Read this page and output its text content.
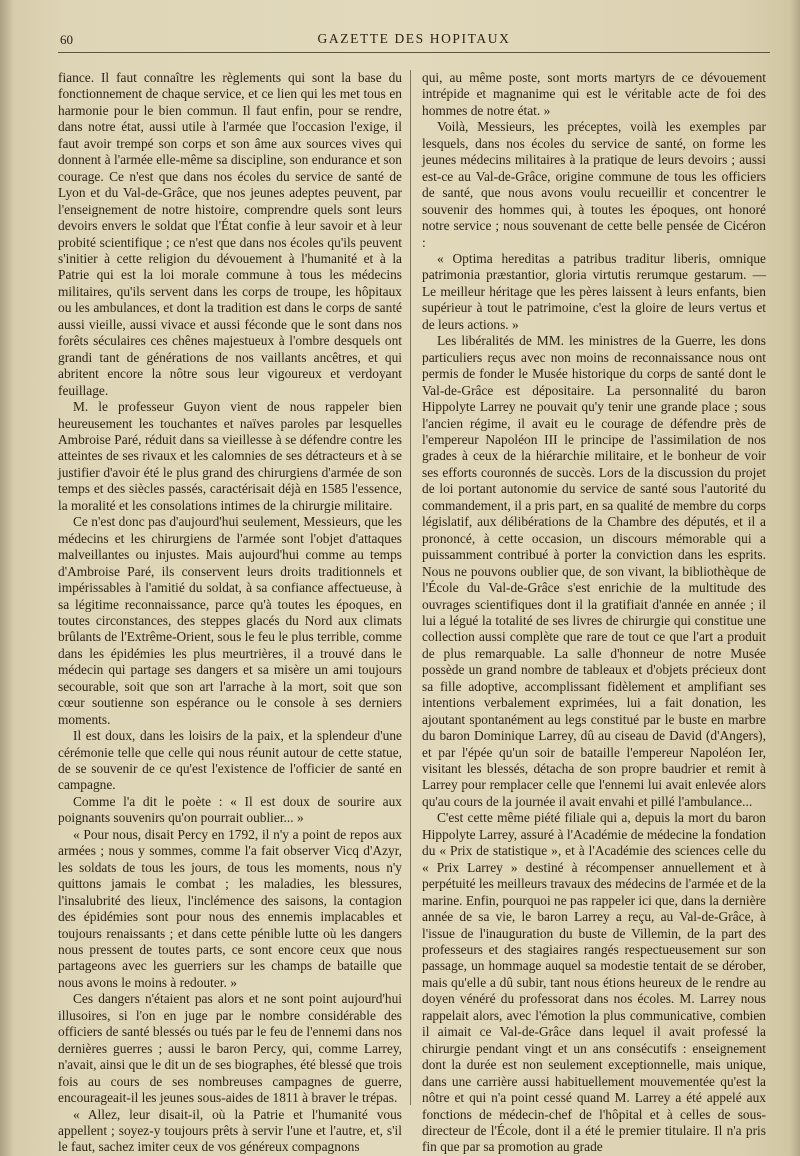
60	GAZETTE DES HOPITAUX

fiance. Il faut connaître les règlements qui sont la base du fonctionnement de chaque service, et ce lien qui les met tous en harmonie pour le bien commun. Il faut enfin, pour se rendre, dans notre état, aussi utile à l'armée que l'occasion l'exige, il faut avoir trempé son corps et son âme aux sources vives qui donnent à l'armée elle-même sa discipline, son endurance et son courage. Ce n'est que dans nos écoles du service de santé de Lyon et du Val-de-Grâce, que nos jeunes adeptes peuvent, par l'enseignement de notre histoire, comprendre quels sont leurs devoirs envers le soldat que l'État confie à leur savoir et à leur probité scientifique ; ce n'est que dans nos écoles qu'ils peuvent s'initier à cette religion du dévouement à l'humanité et à la Patrie qui est la loi morale commune à tous les médecins militaires, qu'ils servent dans les corps de troupe, les hôpitaux ou les ambulances, et dont la tradition est dans le corps de santé aussi vieille, aussi vivace et aussi féconde que le sont dans nos forêts séculaires ces chênes majestueux à l'ombre desquels ont grandi tant de générations de nos vaillants ancêtres, et qui abritent encore la nôtre sous leur vigoureux et verdoyant feuillage.

M. le professeur Guyon vient de nous rappeler bien heureusement les touchantes et naïves paroles par lesquelles Ambroise Paré, réduit dans sa vieillesse à se défendre contre les atteintes de ses rivaux et les calomnies de ses détracteurs et à se justifier d'avoir été le plus grand des chirurgiens d'armée de son temps et des siècles passés, caractérisait déjà en 1585 l'essence, la moralité et les consolations intimes de la chirurgie militaire.

Ce n'est donc pas d'aujourd'hui seulement, Messieurs, que les médecins et les chirurgiens de l'armée sont l'objet d'attaques malveillantes ou injustes. Mais aujourd'hui comme au temps d'Ambroise Paré, ils conservent leurs droits traditionnels et impérissables à l'amitié du soldat, à sa confiance affectueuse, à sa légitime reconnaissance, parce qu'à toutes les époques, en toutes circonstances, des steppes glacés du Nord aux climats brûlants de l'Extrême-Orient, sous le feu le plus terrible, comme dans les épidémies les plus meurtrières, il a trouvé dans le médecin qui partage ses dangers et sa misère un ami toujours secourable, soit que son art l'arrache à la mort, soit que son cœur soutienne son espérance ou le console à ses derniers moments.

Il est doux, dans les loisirs de la paix, et la splendeur d'une cérémonie telle que celle qui nous réunit autour de cette statue, de se souvenir de ce qu'est l'existence de l'officier de santé en campagne.

Comme l'a dit le poète : « Il est doux de sourire aux poignants souvenirs qu'on pourrait oublier... »

« Pour nous, disait Percy en 1792, il n'y a point de repos aux armées ; nous y sommes, comme l'a fait observer Vicq d'Azyr, les soldats de tous les jours, de tous les moments, nous n'y quittons jamais le combat ; les maladies, les blessures, l'insalubrité des lieux, l'inclémence des saisons, la contagion des épidémies sont pour nous des ennemis implacables et toujours renaissants ; et dans cette pénible lutte où les dangers nous pressent de toutes parts, ce sont encore ceux que nous partageons avec les guerriers sur les champs de bataille que nous avons le moins à redouter. »

Ces dangers n'étaient pas alors et ne sont point aujourd'hui illusoires, si l'on en juge par le nombre considérable des officiers de santé blessés ou tués par le feu de l'ennemi dans nos dernières guerres ; aussi le baron Percy, qui, comme Larrey, n'avait, ainsi que le dit un de ses biographes, été blessé que trois fois au cours de ses nombreuses campagnes de guerre, encourageait-il les jeunes sous-aides de 1811 à braver le trépas.

« Allez, leur disait-il, où la Patrie et l'humanité vous appellent ; soyez-y toujours prêts à servir l'une et l'autre, et, s'il le faut, sachez imiter ceux de vos généreux compagnons

qui, au même poste, sont morts martyrs de ce dévouement intrépide et magnanime qui est le véritable acte de foi des hommes de notre état. »

Voilà, Messieurs, les préceptes, voilà les exemples par lesquels, dans nos écoles du service de santé, on forme les jeunes médecins militaires à la pratique de leurs devoirs ; aussi est-ce au Val-de-Grâce, origine commune de tous les officiers de santé, que nous avons voulu recueillir et concentrer le souvenir des hommes qui, à toutes les époques, ont honoré notre service ; nous souvenant de cette belle pensée de Cicéron :

« Optima hereditas a patribus traditur liberis, omnique patrimonia præstantior, gloria virtutis rerumque gestarum. — Le meilleur héritage que les pères laissent à leurs enfants, bien supérieur à tout le patrimoine, c'est la gloire de leurs vertus et de leurs actions. »

Les libéralités de MM. les ministres de la Guerre, les dons particuliers reçus avec non moins de reconnaissance nous ont permis de fonder le Musée historique du corps de santé dont le Val-de-Grâce est dépositaire. La personnalité du baron Hippolyte Larrey ne pouvait qu'y tenir une grande place ; sous l'ancien régime, il avait eu le courage de défendre près de l'empereur Napoléon III le principe de l'assimilation de nos grades à ceux de la hiérarchie militaire, et le bonheur de voir ses efforts couronnés de succès. Lors de la discussion du projet de loi portant autonomie du service de santé sous l'autorité du commandement, il a pris part, en sa qualité de membre du corps législatif, aux délibérations de la Chambre des députés, et il a prononcé, à cette occasion, un discours mémorable qui a puissamment contribué à porter la conviction dans les esprits. Nous ne pouvons oublier que, de son vivant, la bibliothèque de l'École du Val-de-Grâce s'est enrichie de la multitude des ouvrages scientifiques dont il la gratifiait d'année en année ; il lui a légué la totalité de ses livres de chirurgie qui constitue une collection aussi complète que rare de tout ce que l'art a produit de plus remarquable. La salle d'honneur de notre Musée possède un grand nombre de tableaux et d'objets précieux dont sa fille adoptive, accomplissant fidèlement et amplifiant ses intentions verbalement exprimées, lui a fait donation, les ajoutant spontanément au legs constitué par le buste en marbre du baron Dominique Larrey, dû au ciseau de David (d'Angers), et par l'épée qu'un soir de bataille l'empereur Napoléon Ier, visitant les blessés, détacha de son propre baudrier et remit à Larrey pour remplacer celle que l'ennemi lui avait enlevée alors qu'au cours de la journée il avait envahi et pillé l'ambulance...

C'est cette même piété filiale qui a, depuis la mort du baron Hippolyte Larrey, assuré à l'Académie de médecine la fondation du « Prix de statistique », et à l'Académie des sciences celle du « Prix Larrey » destiné à récompenser annuellement et à perpétuité les meilleurs travaux des médecins de l'armée et de la marine. Enfin, pourquoi ne pas rappeler ici que, dans la dernière année de sa vie, le baron Larrey a reçu, au Val-de-Grâce, à l'issue de l'inauguration du buste de Villemin, de la part des professeurs et des stagiaires rangés respectueusement sur son passage, un hommage auquel sa modestie tentait de se dérober, mais qu'elle a dû subir, tant nous étions heureux de le rendre au doyen vénéré du professorat dans nos écoles. M. Larrey nous rappelait alors, avec l'émotion la plus communicative, combien il aimait ce Val-de-Grâce dans lequel il avait professé la chirurgie pendant vingt et un ans consécutifs : enseignement dont la durée est non seulement exceptionnelle, mais unique, dans une carrière aussi habituellement mouvementée qu'est la nôtre et qui n'a point cessé quand M. Larrey a été appelé aux fonctions de médecin-chef de l'hôpital et à celles de sous-directeur de l'École, dont il a été le premier titulaire. Il n'a pris fin que par sa promotion au grade
